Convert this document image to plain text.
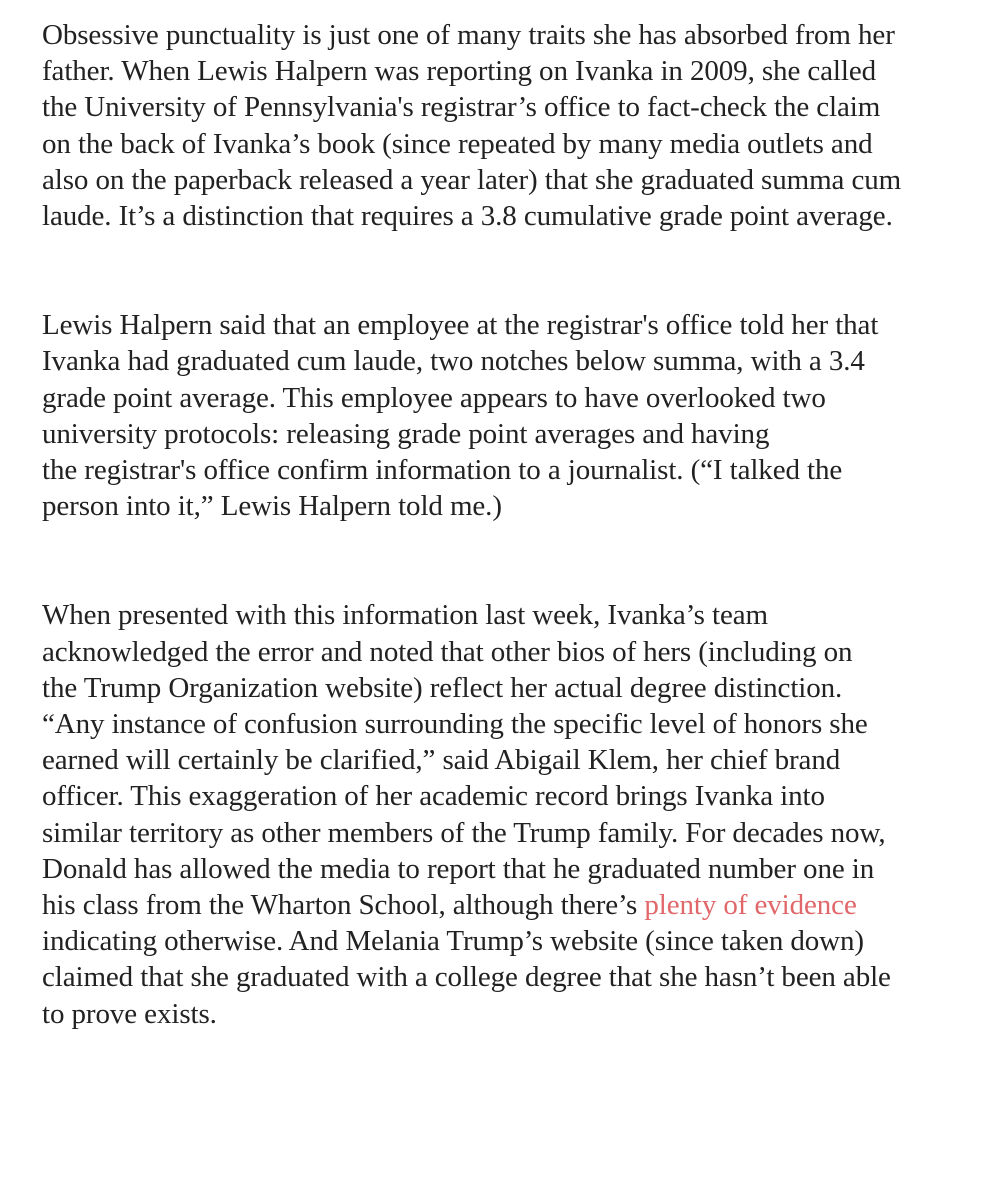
Obsessive punctuality is just one of many traits she has absorbed from her
father. When Lewis Halpern was reporting on Ivanka in 2009, she called
the University of Pennsylvania's registrar’s office to fact-check the claim
on the back of Ivanka’s book (since repeated by many media outlets and
also on the paperback released a year later) that she graduated summa cum
laude. It’s a distinction that requires a 3.8 cumulative grade point average.

Lewis Halpern said that an employee at the registrar's office told her that
Ivanka had graduated cum laude, two notches below summa, with a 3.4
grade point average. This employee appears to have overlooked two
university protocols: releasing grade point averages and having
the registrar's office confirm information to a journalist. (“I talked the
person into it,” Lewis Halpern told me.)

When presented with this information last week, Ivanka’s team
acknowledged the error and noted that other bios of hers (including on
the Trump Organization website) reflect her actual degree distinction.
“Any instance of confusion surrounding the specific level of honors she
earned will certainly be clarified,” said Abigail Klem, her chief brand
officer. This exaggeration of her academic record brings Ivanka into
similar territory as other members of the Trump family. For decades now,
Donald has allowed the media to report that he graduated number one in
his class from the Wharton School, although there’s plenty of evidence
indicating otherwise. And Melania Trump’s website (since taken down)
claimed that she graduated with a college degree that she hasn’t been able
to prove exists.
